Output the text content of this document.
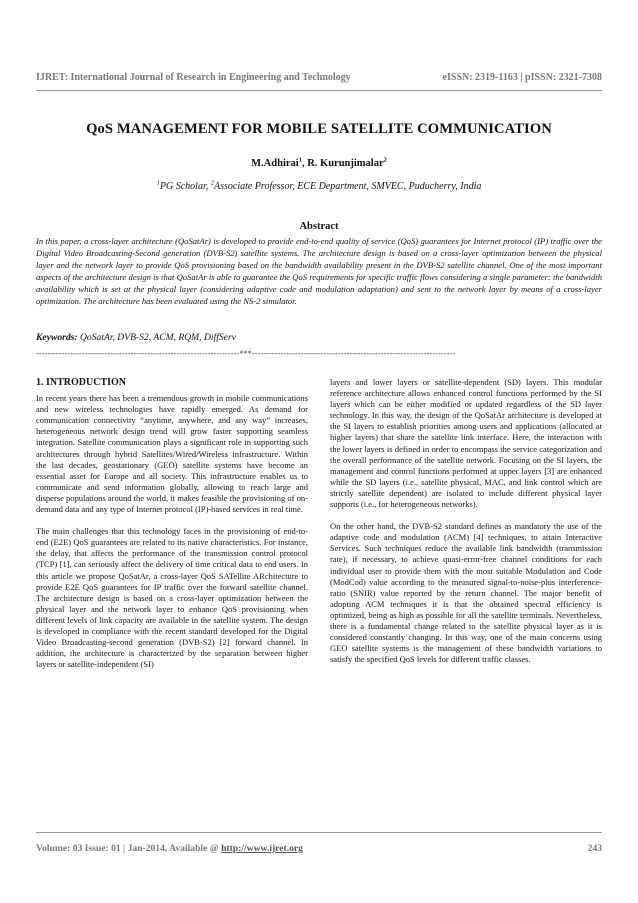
IJRET: International Journal of Research in Engineering and Technology	eISSN: 2319-1163 | pISSN: 2321-7308
QoS MANAGEMENT FOR MOBILE SATELLITE COMMUNICATION
M.Adhirai$^1$, R. Kurunjimalar$^2$
$^1$PG Scholar, $^2$Associate Professor, ECE Department, SMVEC, Puducherry, India
Abstract
In this paper, a cross-layer architecture (QoSatAr) is developed to provide end-to-end quality of service (QoS) guarantees for Internet protocol (IP) traffic over the Digital Video Broadcasting-Second generation (DVB-S2) satellite systems. The architecture design is based on a cross-layer optimization between the physical layer and the network layer to provide QoS provisioning based on the bandwidth availability present in the DVB-S2 satellite channel. One of the most important aspects of the architecture design is that QoSatAr is able to guarantee the QoS requirements for specific traffic flows considering a single parameter: the bandwidth availability which is set at the physical layer (considering adaptive code and modulation adaptation) and sent to the network layer by means of a cross-layer optimization. The architecture has been evaluated using the NS-2 simulator.
Keywords: QoSatAr, DVB-S2, ACM, RQM, DiffServ
-----------------------------------------------------------------------***-----------------------------------------------------------------------
1. INTRODUCTION

In recent years there has been a tremendous growth in mobile communications and new wireless technologies have rapidly emerged. As demand for communication connectivity “anytime, anywhere, and any way” increases, heterogeneous network design trend will grow faster supporting seamless integration. Satellite communication plays a significant role in supporting such architectures through hybrid Satellites/Wired/Wireless infrastructure. Within the last decades, geostationary (GEO) satellite systems have become an essential asset for Europe and all society. This infrastructure enables us to communicate and send information globally, allowing to reach large and disperse populations around the world, it makes feasible the provisioning of on-demand data and any type of Internet protocol (IP)-based services in real time.

The main challenges that this technology faces in the provisioning of end-to-end (E2E) QoS guarantees are related to its native characteristics. For instance, the delay, that affects the performance of the transmission control protocol (TCP) [1], can seriously affect the delivery of time critical data to end users. In this article we propose QoSatAr, a cross-layer QoS SATellite ARchitecture to provide E2E QoS guarantees for IP traffic over the forward satellite channel. The architecture design is based on a cross-layer optimization between the physical layer and the network layer to enhance QoS provisioning when different levels of link capacity are available in the satellite system. The design is developed in compliance with the recent standard developed for the Digital Video Broadcasting-second generation (DVB-S2) [2] forward channel. In addition, the architecture is characterized by the separation between higher layers or satellite-independent (SI)

layers and lower layers or satellite-dependent (SD) layers. This modular reference architecture allows enhanced control functions performed by the SI layers which can be either modified or updated regardless of the SD layer technology. In this way, the design of the QoSatAr architecture is developed at the SI layers to establish priorities among users and applications (allocated at higher layers) that share the satellite link interface. Here, the interaction with the lower layers is defined in order to encompass the service categorization and the overall performance of the satellite network. Focusing on the SI layers, the management and control functions performed at upper layers [3] are enhanced while the SD layers (i.e., satellite physical, MAC, and link control which are strictly satellite dependent) are isolated to include different physical layer supports (i.e., for heterogeneous networks).

On the other hand, the DVB-S2 standard defines as mandatory the use of the adaptive code and modulation (ACM) [4] techniques, to attain Interactive Services. Such techniques reduce the available link bandwidth (transmission rate), if necessary, to achieve quasi-error-free channel conditions for each individual user to provide them with the most suitable Modulation and Code (ModCod) value according to the measured signal-to-noise-plus interference-ratio (SNIR) value reported by the return channel. The major benefit of adopting ACM techniques it is that the obtained spectral efficiency is optimized, being as high as possible for all the satellite terminals. Nevertheless, there is a fundamental change related to the satellite physical layer as it is considered constantly changing. In this way, one of the main concerns using GEO satellite systems is the management of these bandwidth variations to satisfy the specified QoS levels for different traffic classes.

Volume: 03 Issue: 01 | Jan-2014, Available @ http://www.ijret.org	243
